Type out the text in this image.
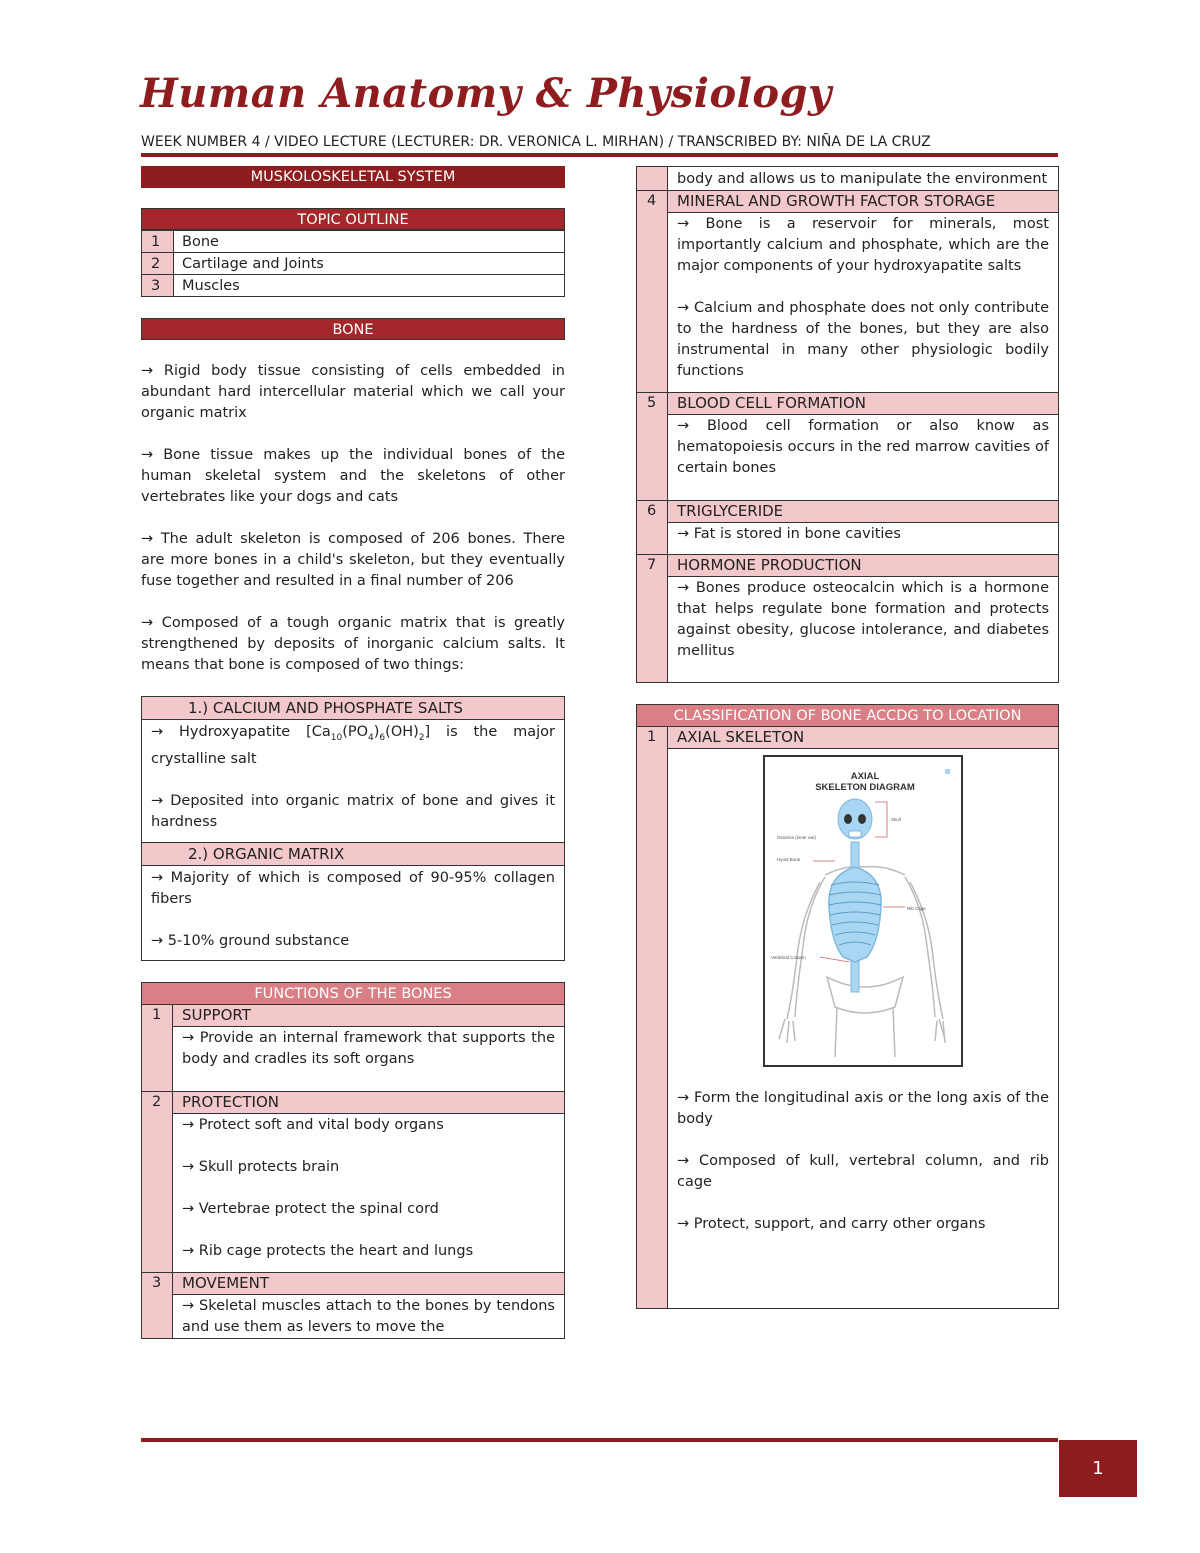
Human Anatomy & Physiology
WEEK NUMBER 4 / VIDEO LECTURE (LECTURER: DR. VERONICA L. MIRHAN) / TRANSCRIBED BY: NIÑA DE LA CRUZ
MUSKOLOSKELETAL SYSTEM
TOPIC OUTLINE
1	Bone
2	Cartilage and Joints
3	Muscles
BONE

→ Rigid body tissue consisting of cells embedded in abundant hard intercellular material which we call your organic matrix

→ Bone tissue makes up the individual bones of the human skeletal system and the skeletons of other vertebrates like your dogs and cats

→ The adult skeleton is composed of 206 bones. There are more bones in a child's skeleton, but they eventually fuse together and resulted in a final number of 206

→ Composed of a tough organic matrix that is greatly strengthened by deposits of inorganic calcium salts. It means that bone is composed of two things:

1.) CALCIUM AND PHOSPHATE SALTS

→ Hydroxyapatite $[Ca_{10}(PO_4)_6(OH)_2]$ is the major crystalline salt

→ Deposited into organic matrix of bone and gives it hardness

2.) ORGANIC MATRIX

→ Majority of which is composed of 90-95% collagen fibers

→ 5-10% ground substance

FUNCTIONS OF THE BONES
1	SUPPORT

→ Provide an internal framework that supports the body and cradles its soft organs

2	PROTECTION

→ Protect soft and vital body organs

→ Skull protects brain

→ Vertebrae protect the spinal cord

→ Rib cage protects the heart and lungs

3	MOVEMENT

→ Skeletal muscles attach to the bones by tendons and use them as levers to move the

body and allows us to manipulate the environment

4	MINERAL AND GROWTH FACTOR STORAGE

→ Bone is a reservoir for minerals, most importantly calcium and phosphate, which are the major components of your hydroxyapatite salts

→ Calcium and phosphate does not only contribute to the hardness of the bones, but they are also instrumental in many other physiologic bodily functions

5	BLOOD CELL FORMATION

→ Blood cell formation or also know as hematopoiesis occurs in the red marrow cavities of certain bones

6	TRIGLYCERIDE

→ Fat is stored in bone cavities

7	HORMONE PRODUCTION

→ Bones produce osteocalcin which is a hormone that helps regulate bone formation and protects against obesity, glucose intolerance, and diabetes mellitus

CLASSIFICATION OF BONE ACCDG TO LOCATION
1	AXIAL SKELETON
AXIAL
SKELETON DIAGRAM
Ossicles (inner ear)
Hyoid Bone
Skull
Rib Cage
Vertebral Column

→ Form the longitudinal axis or the long axis of the body

→ Composed of kull, vertebral column, and rib cage

→ Protect, support, and carry other organs

1
